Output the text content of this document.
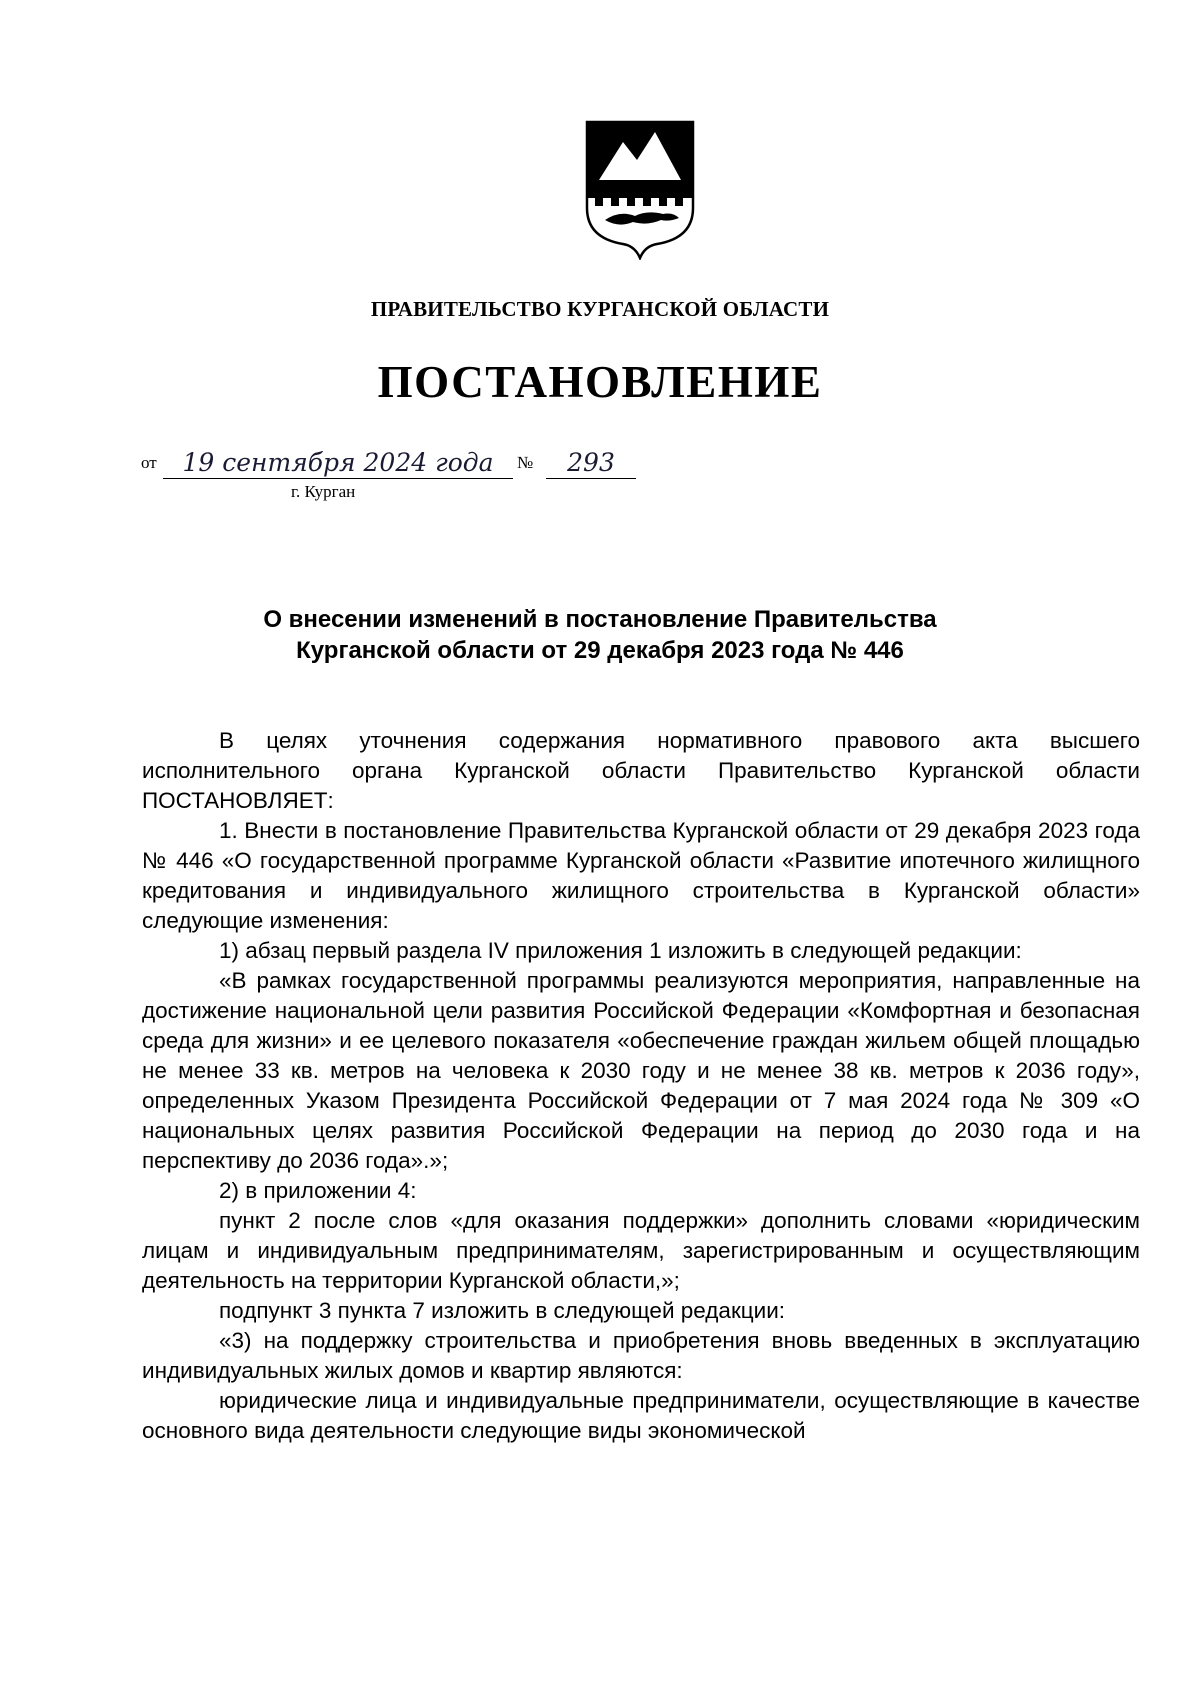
ПРАВИТЕЛЬСТВО КУРГАНСКОЙ ОБЛАСТИ
ПОСТАНОВЛЕНИЕ
от	19 сентября 2024 года	№	293
г. Курган
О внесении изменений в постановление Правительства
Курганской области от 29 декабря 2023 года № 446

В целях уточнения содержания нормативного правового акта высшего исполнительного органа Курганской области Правительство Курганской области ПОСТАНОВЛЯЕТ:

1. Внести в постановление Правительства Курганской области от 29 декабря 2023 года № 446 «О государственной программе Курганской области «Развитие ипотечного жилищного кредитования и индивидуального жилищного строительства в Курганской области» следующие изменения:

1) абзац первый раздела IV приложения 1 изложить в следующей редакции:

«В рамках государственной программы реализуются мероприятия, направленные на достижение национальной цели развития Российской Федерации «Комфортная и безопасная среда для жизни» и ее целевого показателя «обеспечение граждан жильем общей площадью не менее 33 кв. метров на человека к 2030 году и не менее 38 кв. метров к 2036 году», определенных Указом Президента Российской Федерации от 7 мая 2024 года № 309 «О национальных целях развития Российской Федерации на период до 2030 года и на перспективу до 2036 года».»;

2) в приложении 4:

пункт 2 после слов «для оказания поддержки» дополнить словами «юридическим лицам и индивидуальным предпринимателям, зарегистрированным и осуществляющим деятельность на территории Курганской области,»;

подпункт 3 пункта 7 изложить в следующей редакции:

«3) на поддержку строительства и приобретения вновь введенных в эксплуатацию индивидуальных жилых домов и квартир являются:

юридические лица и индивидуальные предприниматели, осуществляющие в качестве основного вида деятельности следующие виды экономической
